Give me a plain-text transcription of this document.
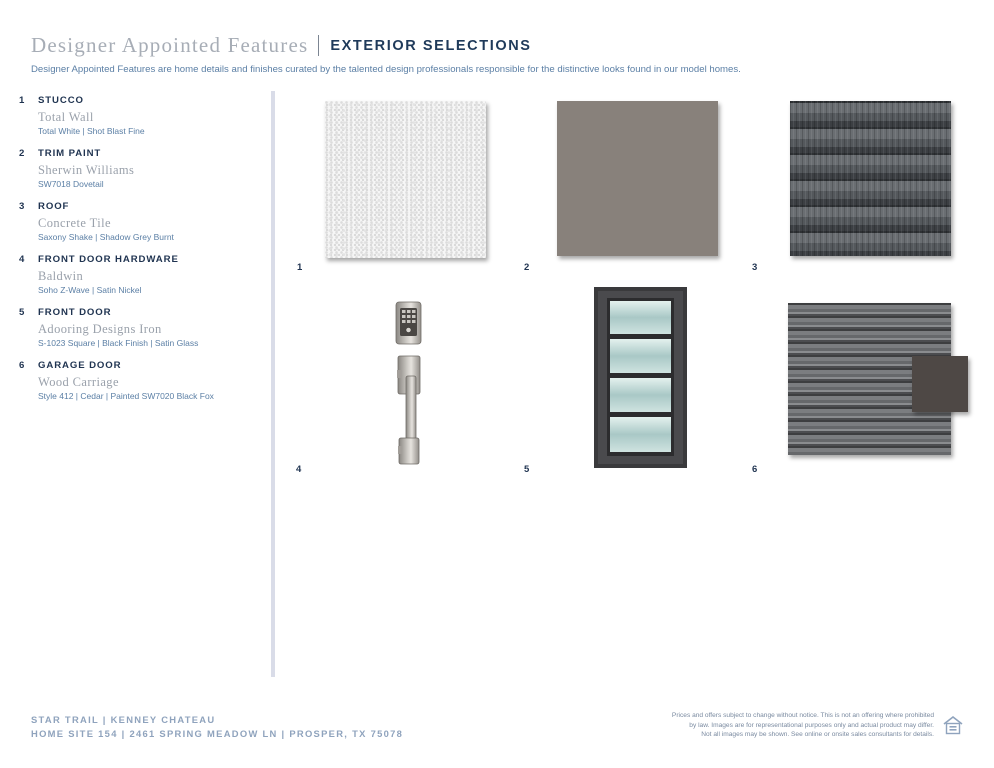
Designer Appointed Features EXTERIOR SELECTIONS
Designer Appointed Features are home details and finishes curated by the talented design professionals responsible for the distinctive looks found in our model homes.
1	STUCCO
Total Wall
Total White | Shot Blast Fine
2	TRIM PAINT
Sherwin Williams
SW7018 Dovetail
3	ROOF
Concrete Tile
Saxony Shake | Shadow Grey Burnt
4	FRONT DOOR HARDWARE
Baldwin
Soho Z-Wave | Satin Nickel
5	FRONT DOOR
Adooring Designs Iron
S-1023 Square | Black Finish | Satin Glass
6	GARAGE DOOR
Wood Carriage
Style 412 | Cedar | Painted SW7020 Black Fox
1	2	3
4	5	6
STAR TRAIL | KENNEY CHATEAU
HOME SITE 154 | 2461 SPRING MEADOW LN | PROSPER, TX 75078
Prices and offers subject to change without notice. This is not an offering where prohibited
by law. Images are for representational purposes only and actual product may differ.
Not all images may be shown. See online or onsite sales consultants for details.
